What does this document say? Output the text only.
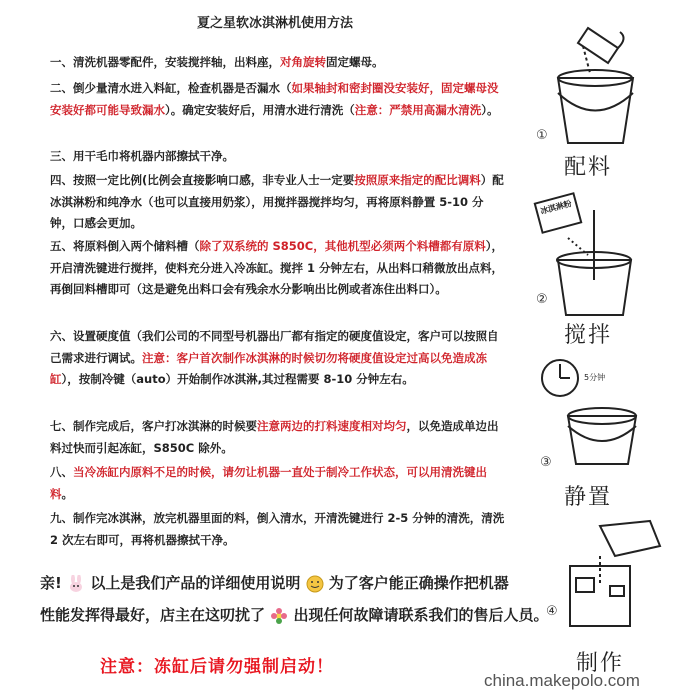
夏之星软冰淇淋机使用方法
一、清洗机器零配件，安装搅拌轴，出料座，对角旋转固定螺母。
二、倒少量清水进入料缸，检查机器是否漏水（如果轴封和密封圈没安装好，固定螺母没安装好都可能导致漏水）。确定安装好后，用清水进行清洗（注意：严禁用高漏水清洗）。
三、用干毛巾将机器内部擦拭干净。
四、按照一定比例(比例会直接影响口感，非专业人士一定要按照原来指定的配比调料）配冰淇淋粉和纯净水（也可以直接用奶浆），用搅拌器搅拌均匀，再将原料静置 5-10 分钟，口感会更加。
五、将原料倒入两个储料槽（除了双系统的 S850C，其他机型必须两个料槽都有原料），开启清洗键进行搅拌，使料充分进入冷冻缸。搅拌 1 分钟左右，从出料口稍微放出点料，再倒回料槽即可（这是避免出料口会有残余水分影响出比例或者冻住出料口）。
六、设置硬度值（我们公司的不同型号机器出厂都有指定的硬度值设定，客户可以按照自己需求进行调试。注意：客户首次制作冰淇淋的时候切勿将硬度值设定过高以免造成冻缸），按制冷键（auto）开始制作冰淇淋,其过程需要 8-10 分钟左右。
七、制作完成后，客户打冰淇淋的时候要注意两边的打料速度相对均匀，以免造成单边出料过快而引起冻缸，S850C 除外。
八、当冷冻缸内原料不足的时候，请勿让机器一直处于制冷工作状态，可以用清洗键出料。
九、制作完冰淇淋，放完机器里面的料，倒入清水，开清洗键进行 2-5 分钟的清洗，清洗 2 次左右即可，再将机器擦拭干净。
亲! 以上是我们产品的详细使用说明 为了客户能正确操作把机器
性能发挥得最好，店主在这叨扰了 出现任何故障请联系我们的售后人员。
注意：冻缸后请勿强制启动！
①
配料
冰淇淋粉
②
搅拌
5分钟
③
静置
④
制作
china.makepolo.com
